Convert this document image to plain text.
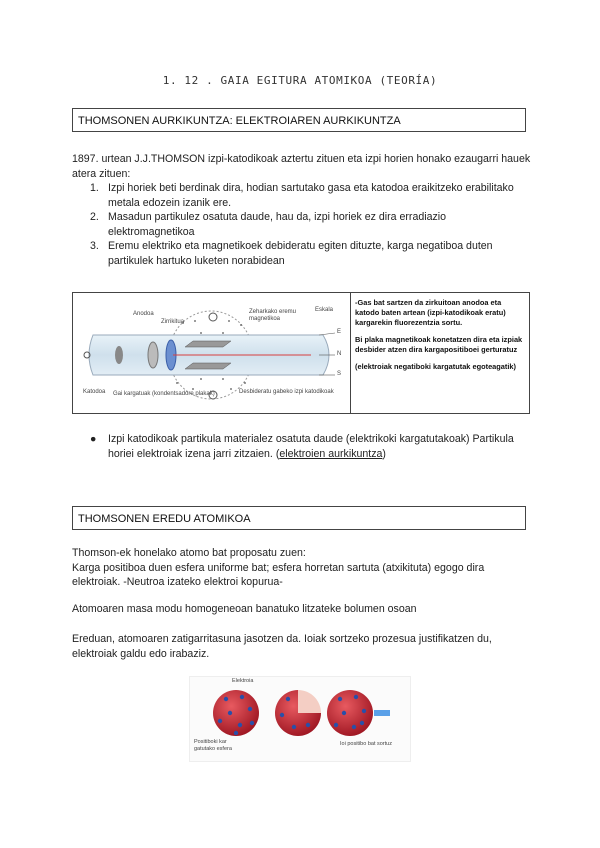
1. 12 . GAIA EGITURA ATOMIKOA (TEORÍA)
THOMSONEN AURKIKUNTZA: ELEKTROIAREN AURKIKUNTZA
1897. urtean J.J.THOMSON izpi-katodikoak aztertu zituen eta izpi horien honako ezaugarri hauek atera zituen:
1. Izpi horiek beti berdinak dira, hodian sartutako gasa eta katodoa eraikitzeko erabilitako metala edozein izanik ere.
2. Masadun partikulez osatuta daude, hau da, izpi horiek ez dira erradiazio elektromagnetikoa
3. Eremu elektriko eta magnetikoek debideratu egiten dituzte, karga negatiboa duten partikulek hartuko luketen norabidean
Anodoa
Zirrikitua
Zeharkako eremu magnetikoa
Eskala
Katodoa Gai kargatuak (kondentsadore plakak)	Desbideratu gabeko izpi katodikoak
E
N
S

-Gas bat sartzen da zirkuitoan anodoa eta katodo baten artean (izpi-katodikoak eratu) kargarekin fluorezentzia sortu.

Bi plaka magnetikoak konetatzen dira eta izpiak desbider atzen dira kargapositiboei gerturatuz

(elektroiak negatiboki kargatutak egoteagatik)

● Izpi katodikoak partikula materialez osatuta daude (elektrikoki kargatutakoak) Partikula horiei elektroiak izena jarri zitzaien. (elektroien aurkikuntza)
THOMSONEN EREDU ATOMIKOA
Thomson-ek honelako atomo bat proposatu zuen:
Karga positiboa duen esfera uniforme bat; esfera horretan sartuta (atxikituta) egogo dira elektroiak. -Neutroa izateko elektroi kopurua-
Atomoaren masa modu homogeneoan banatuko litzateke bolumen osoan
Ereduan, atomoaren zatigarritasuna jasotzen da. Ioiak sortzeko prozesua justifikatzen du, elektroiak galdu edo irabaziz.
Elektroia
Positiboki kar gatutako esfera
Ioi positibo bat sortuz
